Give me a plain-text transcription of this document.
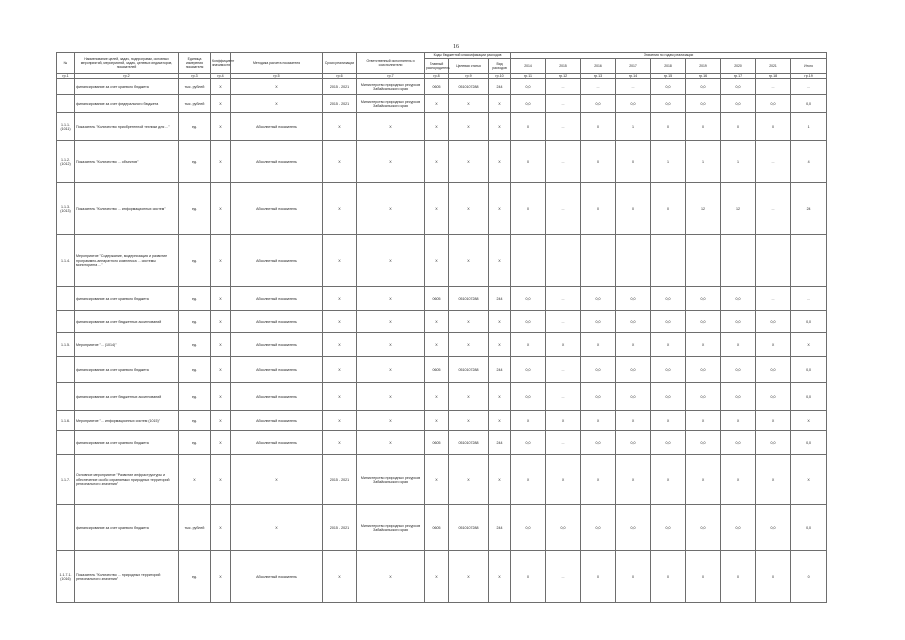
16
№	Наименование целей, задач, подпрограмм, основных мероприятий, мероприятий, задач, целевых индикаторов, показателей	Единица измерения показателя	Коэффициент значимости	Методика расчета показателя	Сроки реализации	Ответственный исполнитель и соисполнители	Коды бюджетной классификации расходов			Значения по годам реализации								
							Главный распорядитель	Целевая статья	Вид расходов	2014	2015	2016	2017	2018	2019	2020	2021	Итого
гр.1	гр.2	гр.3	гр.4	гр.5	гр.6	гр.7	гр.8	гр.9	гр.10	гр.11	гр.12	гр.13	гр.14	гр.15	гр.16	гр.17	гр.18	гр.19
	финансирование за счет краевого бюджета	тыс. рублей	X	X	2015 - 2021	Министерство природных ресурсов Забайкальского края	0605	0510107288	244	0,0	...	...	...	0,0	0,0	0,0	...	...
	финансирование за счет федерального бюджета	тыс. рублей	X	X	2015 - 2021	Министерство природных ресурсов Забайкальского края	X	X	X	0,0	...	0,0	0,0	0,0	0,0	0,0	0,0	0,0
1.1.1. (1011)	Показатель "Количество приобретенной техники для ..."	ед.	X	Абсолютный показатель	X	X	X	X	X	0	...	0	1	0	0	0	0	1
1.1.2. (1012)	Показатель "Количество ... объектов"	ед.	X	Абсолютный показатель	X	X	X	X	X	0	...	0	0	1	1	1	...	4
1.1.3. (1013)	Показатель "Количество ... информационных систем"	ед.	X	Абсолютный показатель	X	X	X	X	X	0	...	0	0	0	12	12	...	24
1.1.4.	Мероприятие "Содержание, модернизация и развитие программно-аппаратного комплекса ... системы мониторинга ..."	ед.	X	Абсолютный показатель	X	X	X	X	X									
	финансирование за счет краевого бюджета	ед.	X	Абсолютный показатель	X	X	0605	0510107288	244	0,0	...	0,0	0,0	0,0	0,0	0,0	...	...
	финансирование за счет бюджетных ассигнований	ед.	X	Абсолютный показатель	X	X	X	X	X	0,0	...	0,0	0,0	0,0	0,0	0,0	0,0	0,0
1.1.5.	Мероприятие "... (1014)"	ед.	X	Абсолютный показатель	X	X	X	X	X	X	X	X	X	X	X	X	X	X
	финансирование за счет краевого бюджета	ед.	X	Абсолютный показатель	X	X	0605	0510107288	244	0,0	...	0,0	0,0	0,0	0,0	0,0	0,0	0,0
	финансирование за счет бюджетных ассигнований	ед.	X	Абсолютный показатель	X	X	X	X	X	0,0	...	0,0	0,0	0,0	0,0	0,0	0,0	0,0
1.1.6.	Мероприятие "... информационных систем (1015)"	ед.	X	Абсолютный показатель	X	X	X	X	X	X	X	X	X	X	X	X	X	X
	финансирование за счет краевого бюджета	ед.	X	Абсолютный показатель	X	X	0605	0510107288	244	0,0	...	0,0	0,0	0,0	0,0	0,0	0,0	0,0
1.1.7.	Основное мероприятие "Развитие инфраструктуры и обеспечение особо охраняемых природных территорий регионального значения"	X	X	X	2015 - 2021	Министерство природных ресурсов Забайкальского края	X	X	X	X	X	X	X	X	X	X	X	X
	финансирование за счет краевого бюджета	тыс. рублей	X	X	2015 - 2021	Министерство природных ресурсов Забайкальского края	0605	0510107288	244	0,0	0,0	0,0	0,0	0,0	0,0	0,0	0,0	0,0
1.1.7.1. (1016)	Показатель "Количество ... природных территорий регионального значения"	ед.	X	Абсолютный показатель	X	X	X	X	X	0	...	0	0	0	0	0	0	0
